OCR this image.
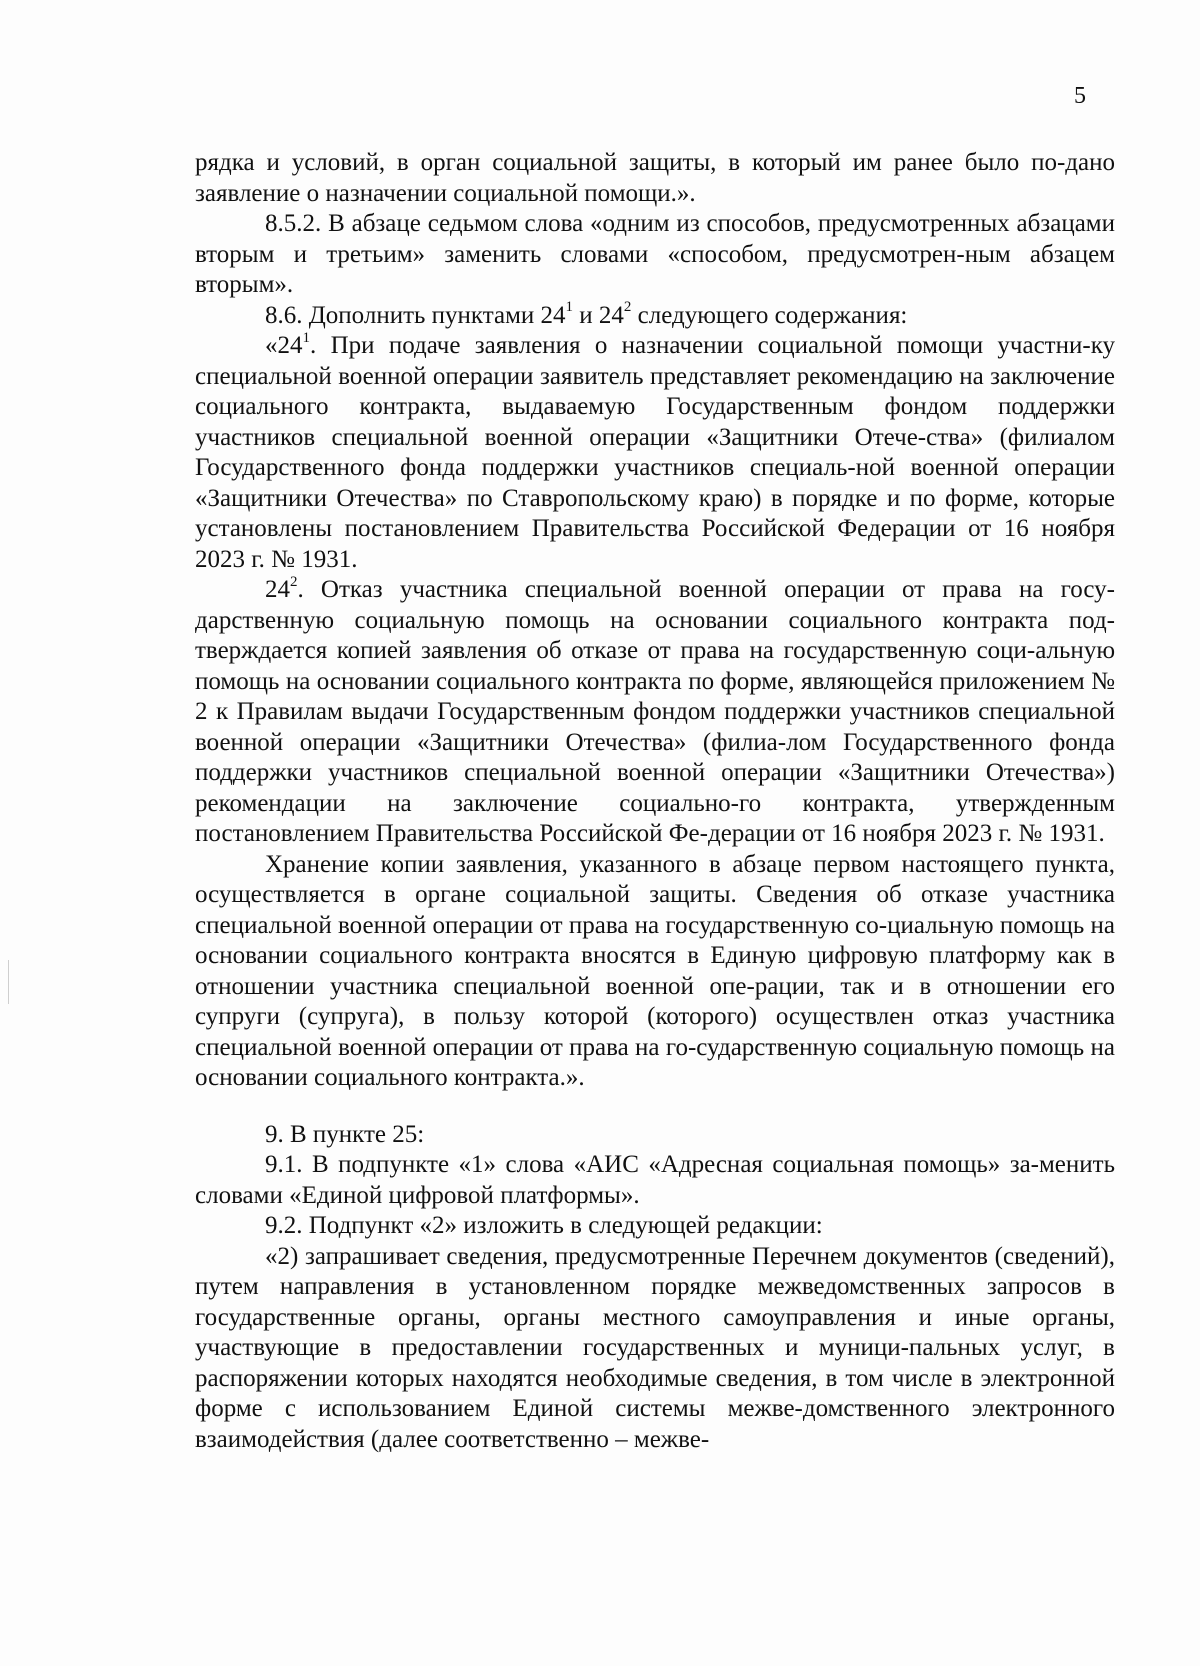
5

рядка и условий, в орган социальной защиты, в который им ранее было по-дано заявление о назначении социальной помощи.».

8.5.2. В абзаце седьмом слова «одним из способов, предусмотренных абзацами вторым и третьим» заменить словами «способом, предусмотрен-ным абзацем вторым».

8.6. Дополнить пунктами $24^1$ и $24^2$ следующего содержания:

«$24^1$. При подаче заявления о назначении социальной помощи участни-ку специальной военной операции заявитель представляет рекомендацию на заключение социального контракта, выдаваемую Государственным фондом поддержки участников специальной военной операции «Защитники Отече-ства» (филиалом Государственного фонда поддержки участников специаль-ной военной операции «Защитники Отечества» по Ставропольскому краю) в порядке и по форме, которые установлены постановлением Правительства Российской Федерации от 16 ноября 2023 г. № 1931.

$24^2$. Отказ участника специальной военной операции от права на госу-дарственную социальную помощь на основании социального контракта под-тверждается копией заявления об отказе от права на государственную соци-альную помощь на основании социального контракта по форме, являющейся приложением № 2 к Правилам выдачи Государственным фондом поддержки участников специальной военной операции «Защитники Отечества» (филиа-лом Государственного фонда поддержки участников специальной военной операции «Защитники Отечества») рекомендации на заключение социально-го контракта, утвержденным постановлением Правительства Российской Фе-дерации от 16 ноября 2023 г. № 1931.

Хранение копии заявления, указанного в абзаце первом настоящего пункта, осуществляется в органе социальной защиты. Сведения об отказе участника специальной военной операции от права на государственную со-циальную помощь на основании социального контракта вносятся в Единую цифровую платформу как в отношении участника специальной военной опе-рации, так и в отношении его супруги (супруга), в пользу которой (которого) осуществлен отказ участника специальной военной операции от права на го-сударственную социальную помощь на основании социального контракта.».

9. В пункте 25:

9.1. В подпункте «1» слова «АИС «Адресная социальная помощь» за-менить словами «Единой цифровой платформы».

9.2. Подпункт «2» изложить в следующей редакции:

«2) запрашивает сведения, предусмотренные Перечнем документов (сведений), путем направления в установленном порядке межведомственных запросов в государственные органы, органы местного самоуправления и иные органы, участвующие в предоставлении государственных и муници-пальных услуг, в распоряжении которых находятся необходимые сведения, в том числе в электронной форме с использованием Единой системы межве-домственного электронного взаимодействия (далее соответственно – межве-
